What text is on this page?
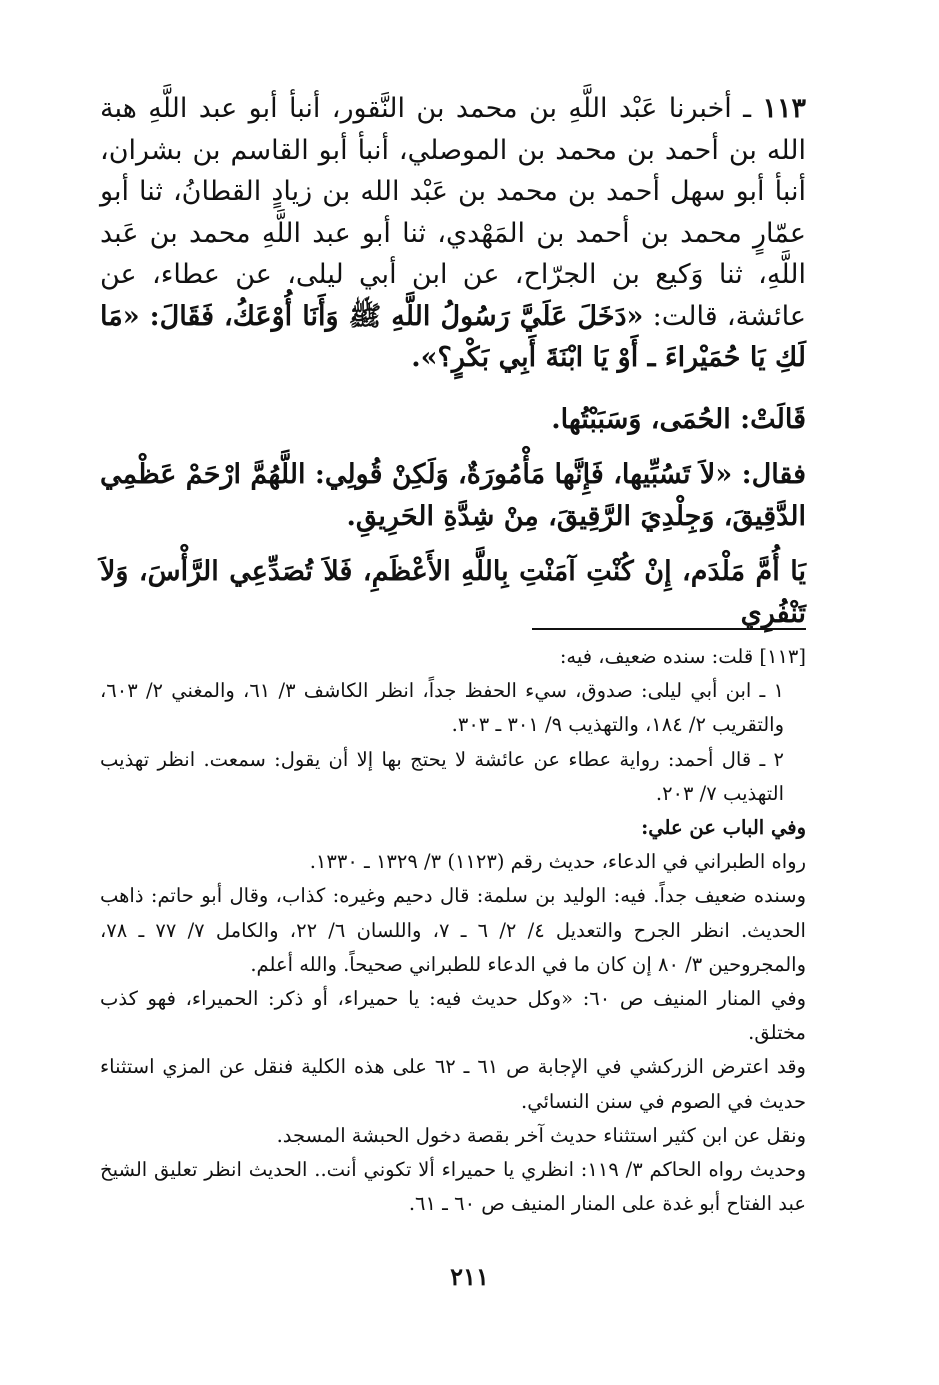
١١٣ ـ أخبرنا عَبْد اللَّهِ بن محمد بن النَّقور، أنبأ أبو عبد اللَّهِ هبة الله بن أحمد بن محمد بن الموصلي، أنبأ أبو القاسم بن بشران، أنبأ أبو سهل أحمد بن محمد بن عَبْد الله بن زيادٍ القطانُ، ثنا أبو عمّارٍ محمد بن أحمد بن المَهْدي، ثنا أبو عبد اللَّهِ محمد بن عَبد اللَّهِ، ثنا وَكيع بن الجرّاح، عن ابن أبي ليلى، عن عطاء، عن عائشة، قالت: «دَخَلَ عَلَيَّ رَسُولُ اللَّهِ ﷺ وَأَنَا أُوْعَكُ، فَقَالَ: «مَا لَكِ يَا حُمَيْراءَ ـ أَوْ يَا ابْنَةَ أَبِي بَكْرٍ؟».

قَالَتْ: الحُمَى، وَسَبَبْتُها.

فقال: «لاَ تَسُبِّيها، فَإِنَّها مَأْمُورَةٌ، وَلَكِنْ قُولِي: اللَّهُمَّ ارْحَمْ عَظْمِي الدَّقِيقَ، وَجِلْدِيَ الرَّقِيقَ، مِنْ شِدَّةِ الحَرِيقِ.

يَا أُمَّ مَلْدَم، إِنْ كُنْتِ آمَنْتِ بِاللَّهِ الأَعْظَمِ، فَلاَ تُصَدِّعِي الرَّأْسَ، وَلاَ تَنْفُرِي

[١١٣] قلت: سنده ضعيف، فيه:

١ ـ ابن أبي ليلى: صدوق، سيء الحفظ جداً، انظر الكاشف ٣/ ٦١، والمغني ٢/ ٦٠٣، والتقريب ٢/ ١٨٤، والتهذيب ٩/ ٣٠١ ـ ٣٠٣.

٢ ـ قال أحمد: رواية عطاء عن عائشة لا يحتج بها إلا أن يقول: سمعت. انظر تهذيب التهذيب ٧/ ٢٠٣.

وفي الباب عن علي:

رواه الطبراني في الدعاء، حديث رقم (١١٢٣) ٣/ ١٣٢٩ ـ ١٣٣٠.

وسنده ضعيف جداً. فيه: الوليد بن سلمة: قال دحيم وغيره: كذاب، وقال أبو حاتم: ذاهب الحديث. انظر الجرح والتعديل ٤/ ٢/ ٦ ـ ٧، واللسان ٦/ ٢٢، والكامل ٧/ ٧٧ ـ ٧٨، والمجروحين ٣/ ٨٠ إن كان ما في الدعاء للطبراني صحيحاً. والله أعلم.

وفي المنار المنيف ص ٦٠: «وكل حديث فيه: يا حميراء، أو ذكر: الحميراء، فهو كذب مختلق.

وقد اعترض الزركشي في الإجابة ص ٦١ ـ ٦٢ على هذه الكلية فنقل عن المزي استثناء حديث في الصوم في سنن النسائي.

ونقل عن ابن كثير استثناء حديث آخر بقصة دخول الحبشة المسجد.

وحديث رواه الحاكم ٣/ ١١٩: انظري يا حميراء ألا تكوني أنت.. الحديث انظر تعليق الشيخ عبد الفتاح أبو غدة على المنار المنيف ص ٦٠ ـ ٦١.

٢١١
